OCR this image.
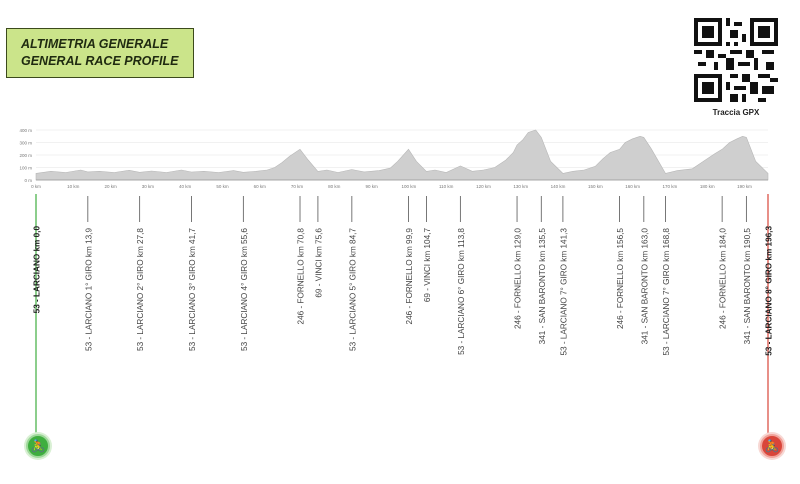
ALTIMETRIA GENERALE
GENERAL RACE PROFILE
Traccia GPX
0 m
100 m
200 m
300 m
400 m
0 km	10 km	20 km	30 km	40 km	50 km	60 km	70 km	80 km	90 km	100 km	110 km	120 km	130 km	140 km	150 km	160 km	170 km	180 km	190 km
53 - LARCIANO km 0,0	53 - LARCIANO 1° GIRO km 13,9	53 - LARCIANO 2° GIRO km 27,8	53 - LARCIANO 3° GIRO km 41,7	53 - LARCIANO 4° GIRO km 55,6	246 - FORNELLO km 70,8 69 - VINCI km 75,6	53 - LARCIANO 5° GIRO km 84,7	246 - FORNELLO km 99,9 69 - VINCI km 104,7	53 - LARCIANO 6° GIRO km 113,8	246 - FORNELLO km 129,0 341 - SAN BARONTO km 135,5 53 - LARCIANO 7° GIRO km 141,3	246 - FORNELLO km 156,5 341 - SAN BARONTO km 163,0 53 - LARCIANO 7° GIRO km 168,8	246 - FORNELLO km 184,0 341 - SAN BARONTO km 190,5 53 - LARCIANO 8° GIRO km 196,3
🚴	🚴
